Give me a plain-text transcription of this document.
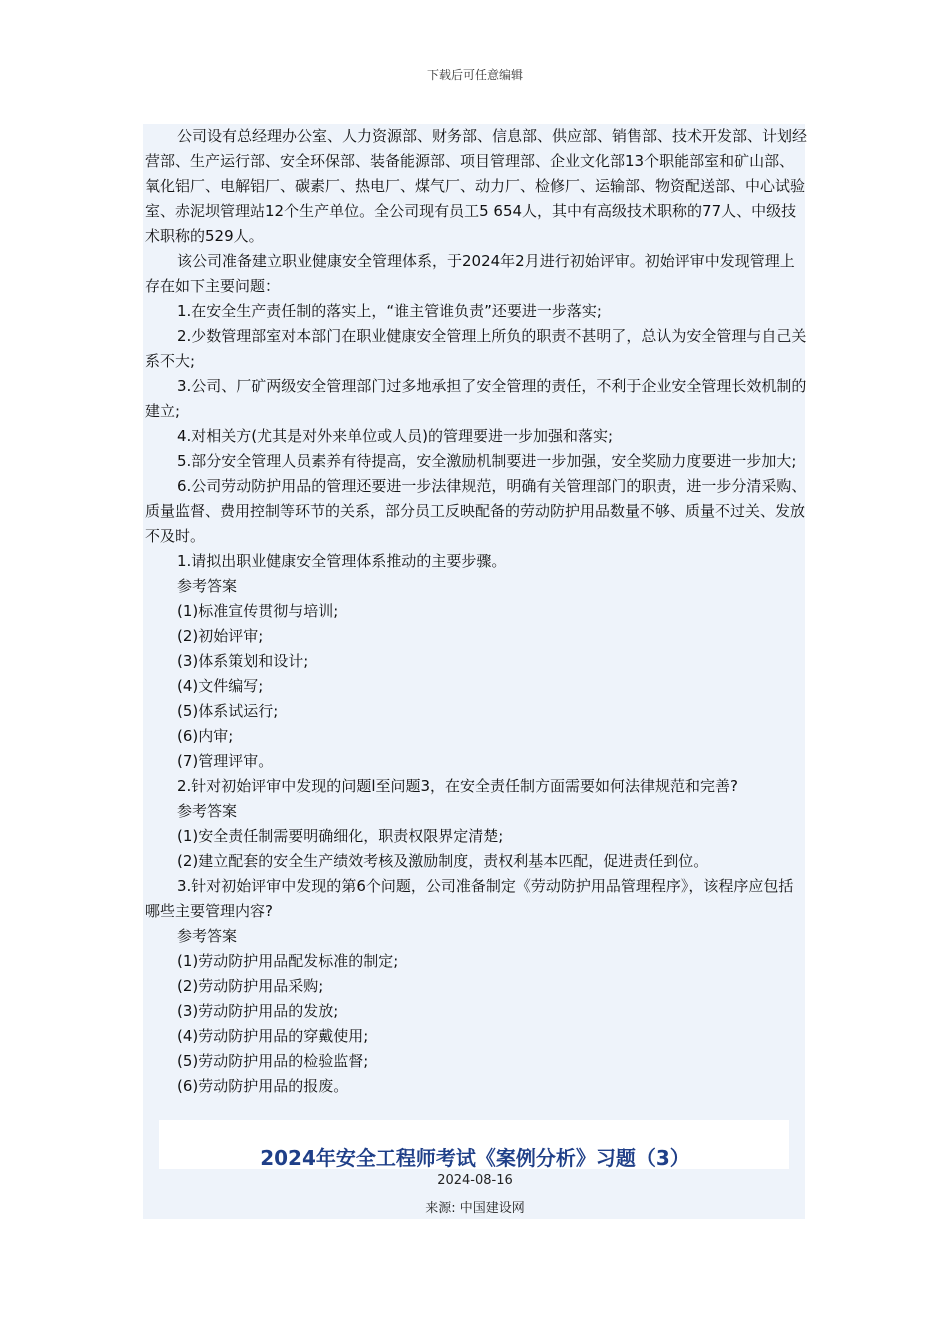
下载后可任意编辑

公司设有总经理办公室、人力资源部、财务部、信息部、供应部、销售部、技术开发部、计划经营部、生产运行部、安全环保部、装备能源部、项目管理部、企业文化部13个职能部室和矿山部、氧化铝厂、电解铝厂、碳素厂、热电厂、煤气厂、动力厂、检修厂、运输部、物资配送部、中心试验室、赤泥坝管理站12个生产单位。全公司现有员工5 654人，其中有高级技术职称的77人、中级技术职称的529人。

该公司准备建立职业健康安全管理体系，于2024年2月进行初始评审。初始评审中发现管理上存在如下主要问题：

1.在安全生产责任制的落实上，“谁主管谁负责”还要进一步落实;

2.少数管理部室对本部门在职业健康安全管理上所负的职责不甚明了，总认为安全管理与自己关系不大;

3.公司、厂矿两级安全管理部门过多地承担了安全管理的责任，不利于企业安全管理长效机制的建立;

4.对相关方(尤其是对外来单位或人员)的管理要进一步加强和落实;

5.部分安全管理人员素养有待提高，安全激励机制要进一步加强，安全奖励力度要进一步加大;

6.公司劳动防护用品的管理还要进一步法律规范，明确有关管理部门的职责，进一步分清采购、质量监督、费用控制等环节的关系，部分员工反映配备的劳动防护用品数量不够、质量不过关、发放不及时。

1.请拟出职业健康安全管理体系推动的主要步骤。

参考答案

(1)标准宣传贯彻与培训;

(2)初始评审;

(3)体系策划和设计;

(4)文件编写;

(5)体系试运行;

(6)内审;

(7)管理评审。

2.针对初始评审中发现的问题l至问题3，在安全责任制方面需要如何法律规范和完善?

参考答案

(1)安全责任制需要明确细化，职责权限界定清楚;

(2)建立配套的安全生产绩效考核及激励制度，责权利基本匹配，促进责任到位。

3.针对初始评审中发现的第6个问题，公司准备制定《劳动防护用品管理程序》，该程序应包括哪些主要管理内容?

参考答案

(1)劳动防护用品配发标准的制定;

(2)劳动防护用品采购;

(3)劳动防护用品的发放;

(4)劳动防护用品的穿戴使用;

(5)劳动防护用品的检验监督;

(6)劳动防护用品的报废。

2024年安全工程师考试《案例分析》习题（3）
2024-08-16
来源: 中国建设网
